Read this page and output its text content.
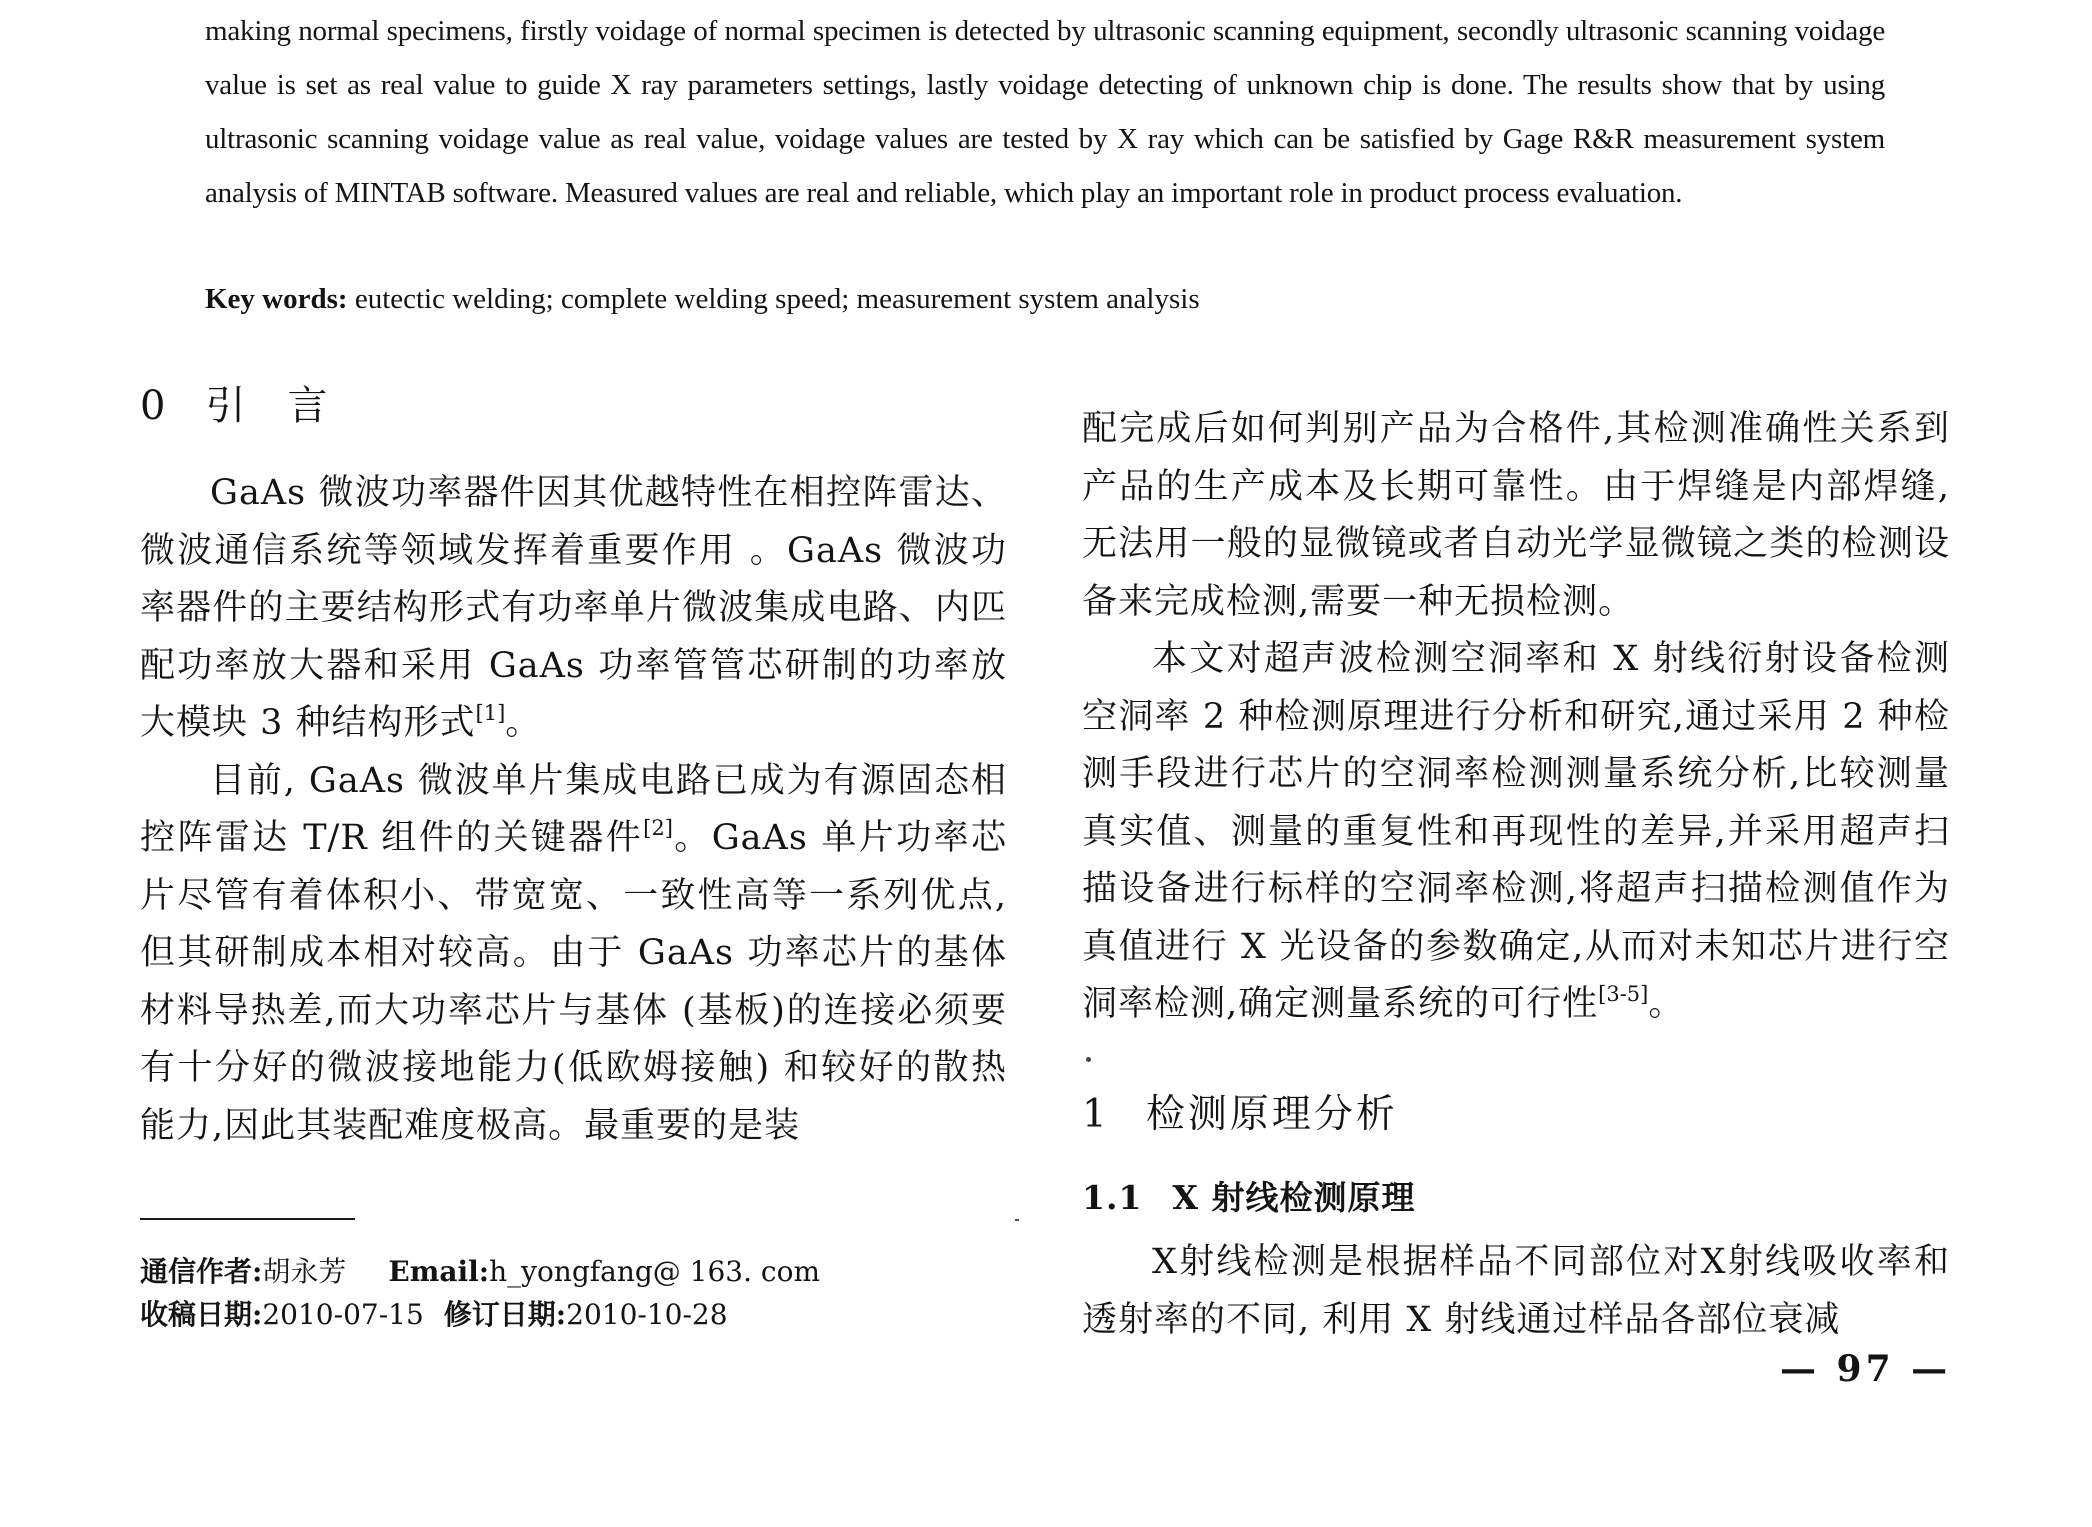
making normal specimens, firstly voidage of normal specimen is detected by ultrasonic scanning equipment, secondly ultrasonic scanning voidage value is set as real value to guide X ray parameters settings, lastly voidage detecting of unknown chip is done. The results show that by using ultrasonic scanning voidage value as real value, voidage values are tested by X ray which can be satisfied by Gage R&R measurement system analysis of MINTAB software. Measured values are real and reliable, which play an important role in product process evaluation.

Key words: eutectic welding; complete welding speed; measurement system analysis
0 引 言

GaAs 微波功率器件因其优越特性在相控阵雷达、微波通信系统等领域发挥着重要作用 。GaAs 微波功率器件的主要结构形式有功率单片微波集成电路、内匹配功率放大器和采用 GaAs 功率管管芯研制的功率放大模块 3 种结构形式[1]。

目前, GaAs 微波单片集成电路已成为有源固态相控阵雷达 T/R 组件的关键器件[2]。GaAs 单片功率芯片尽管有着体积小、带宽宽、一致性高等一系列优点,但其研制成本相对较高。由于 GaAs 功率芯片的基体材料导热差,而大功率芯片与基体 (基板)的连接必须要有十分好的微波接地能力(低欧姆接触) 和较好的散热能力,因此其装配难度极高。最重要的是装

配完成后如何判别产品为合格件,其检测准确性关系到产品的生产成本及长期可靠性。由于焊缝是内部焊缝,无法用一般的显微镜或者自动光学显微镜之类的检测设备来完成检测,需要一种无损检测。

本文对超声波检测空洞率和 X 射线衍射设备检测空洞率 2 种检测原理进行分析和研究,通过采用 2 种检测手段进行芯片的空洞率检测测量系统分析,比较测量真实值、测量的重复性和再现性的差异,并采用超声扫描设备进行标样的空洞率检测,将超声扫描检测值作为真值进行 X 光设备的参数确定,从而对未知芯片进行空洞率检测,确定测量系统的可行性[3-5]。

1 检测原理分析
1.1 X 射线检测原理

X射线检测是根据样品不同部位对X射线吸收率和透射率的不同, 利用 X 射线通过样品各部位衰减

通信作者:胡永芳 Email:h_yongfang@ 163. com
收稿日期:2010-07-15 修订日期:2010-10-28
— 97 —
